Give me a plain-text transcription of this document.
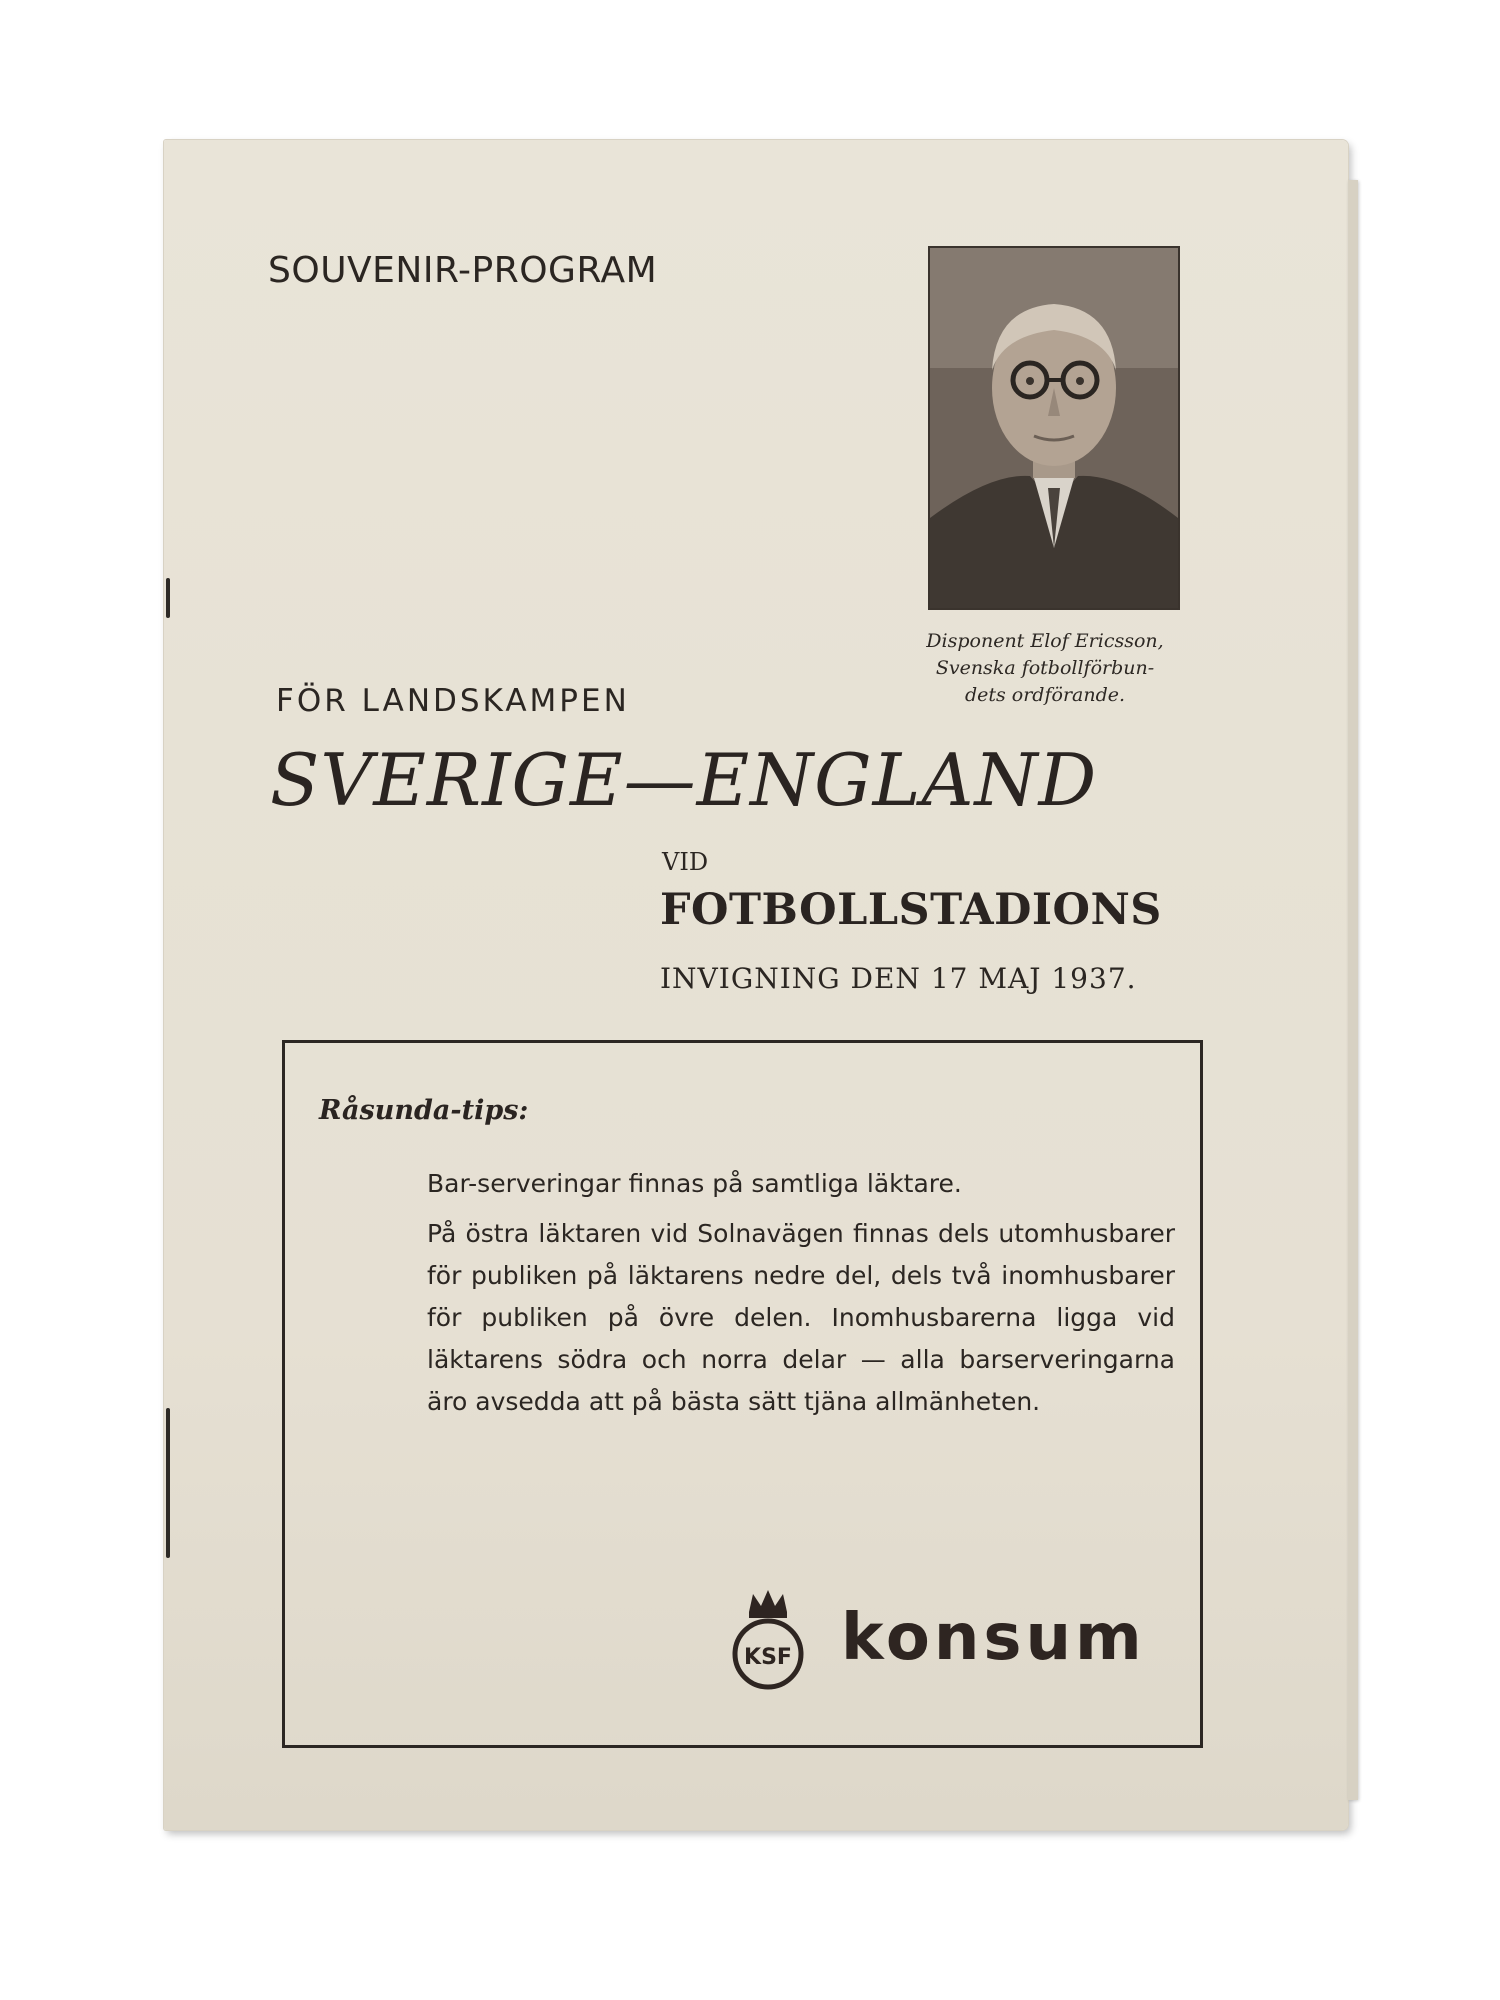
SOUVENIR-PROGRAM
Disponent Elof Ericsson,
Svenska fotbollförbun-
dets ordförande.
FÖR LANDSKAMPEN
SVERIGE—ENGLAND
VID
FOTBOLLSTADIONS
INVIGNING DEN 17 MAJ 1937.
Råsunda-tips:
Bar-serveringar finnas på samtliga läktare.
På östra läktaren vid Solnavägen finnas dels utomhusbarer för publiken på läktarens nedre del, dels två inomhusbarer för publiken på övre delen. Inomhusbarerna ligga vid läktarens södra och norra delar — alla barserveringarna äro avsedda att på bästa sätt tjäna allmänheten.
KSF konsum
